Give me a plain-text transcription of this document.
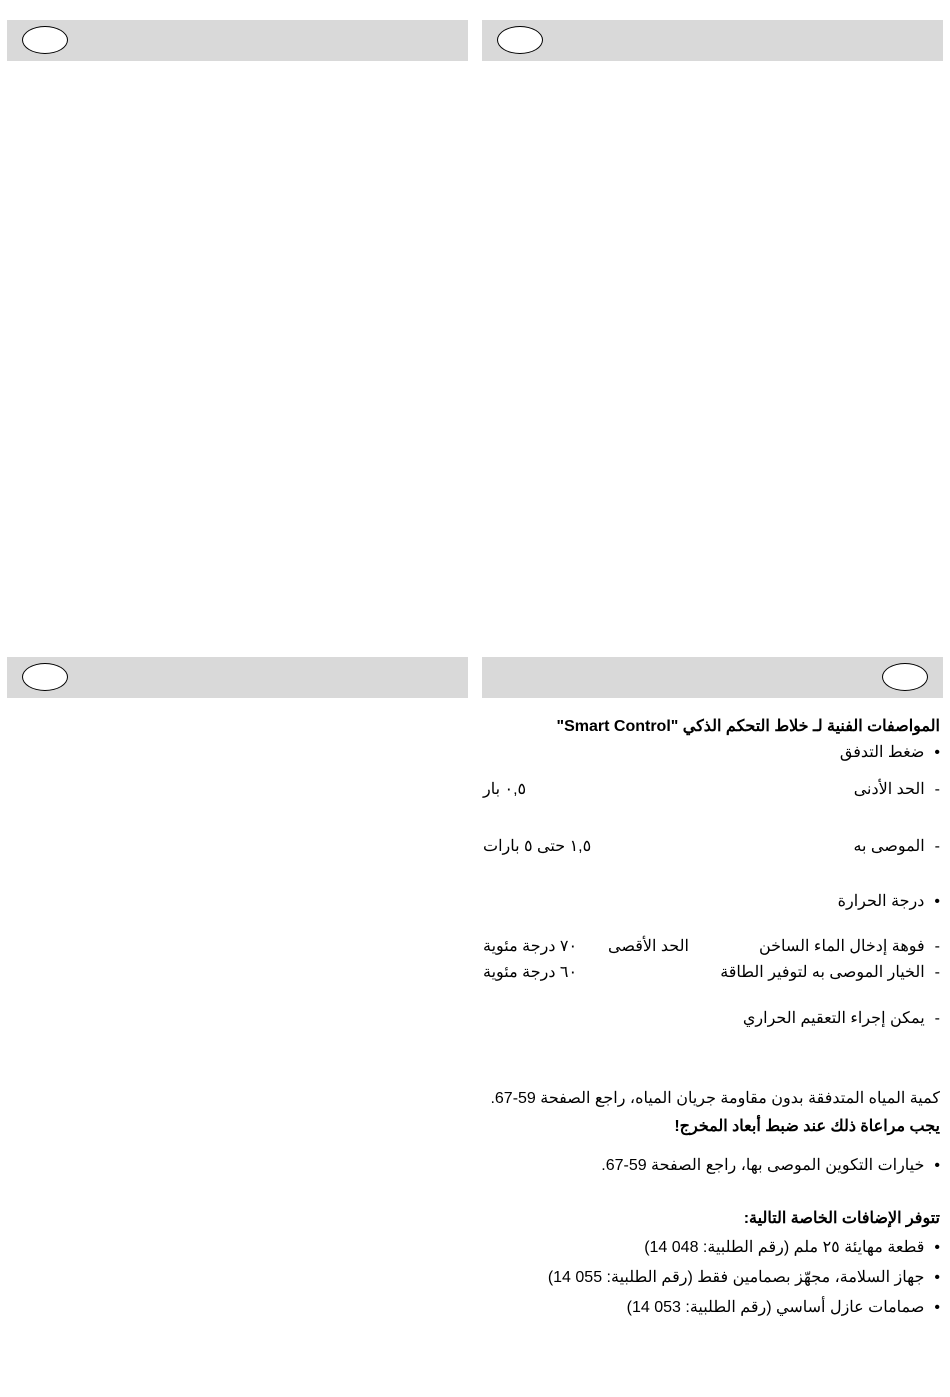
المواصفات الفنية لـ خلاط التحكم الذكي "Smart Control"
• ضغط التدفق
- الحد الأدنى
٠,٥ بار
- الموصى به
١,٥ حتى ٥ بارات
• درجة الحرارة
- فوهة إدخال الماء الساخن
الحد الأقصى
٧٠ درجة مئوية
- الخيار الموصى به لتوفير الطاقة
٦٠ درجة مئوية
- يمكن إجراء التعقيم الحراري
كمية المياه المتدفقة بدون مقاومة جريان المياه، راجع الصفحة 59-67.
يجب مراعاة ذلك عند ضبط أبعاد المخرج!
• خيارات التكوين الموصى بها، راجع الصفحة 59-67.
تتوفر الإضافات الخاصة التالية:
• قطعة مهايئة ٢٥ ملم (رقم الطلبية: 048 14)
• جهاز السلامة، مجهّز بصمامين فقط (رقم الطلبية: 055 14)
• صمامات عازل أساسي (رقم الطلبية: 053 14)
